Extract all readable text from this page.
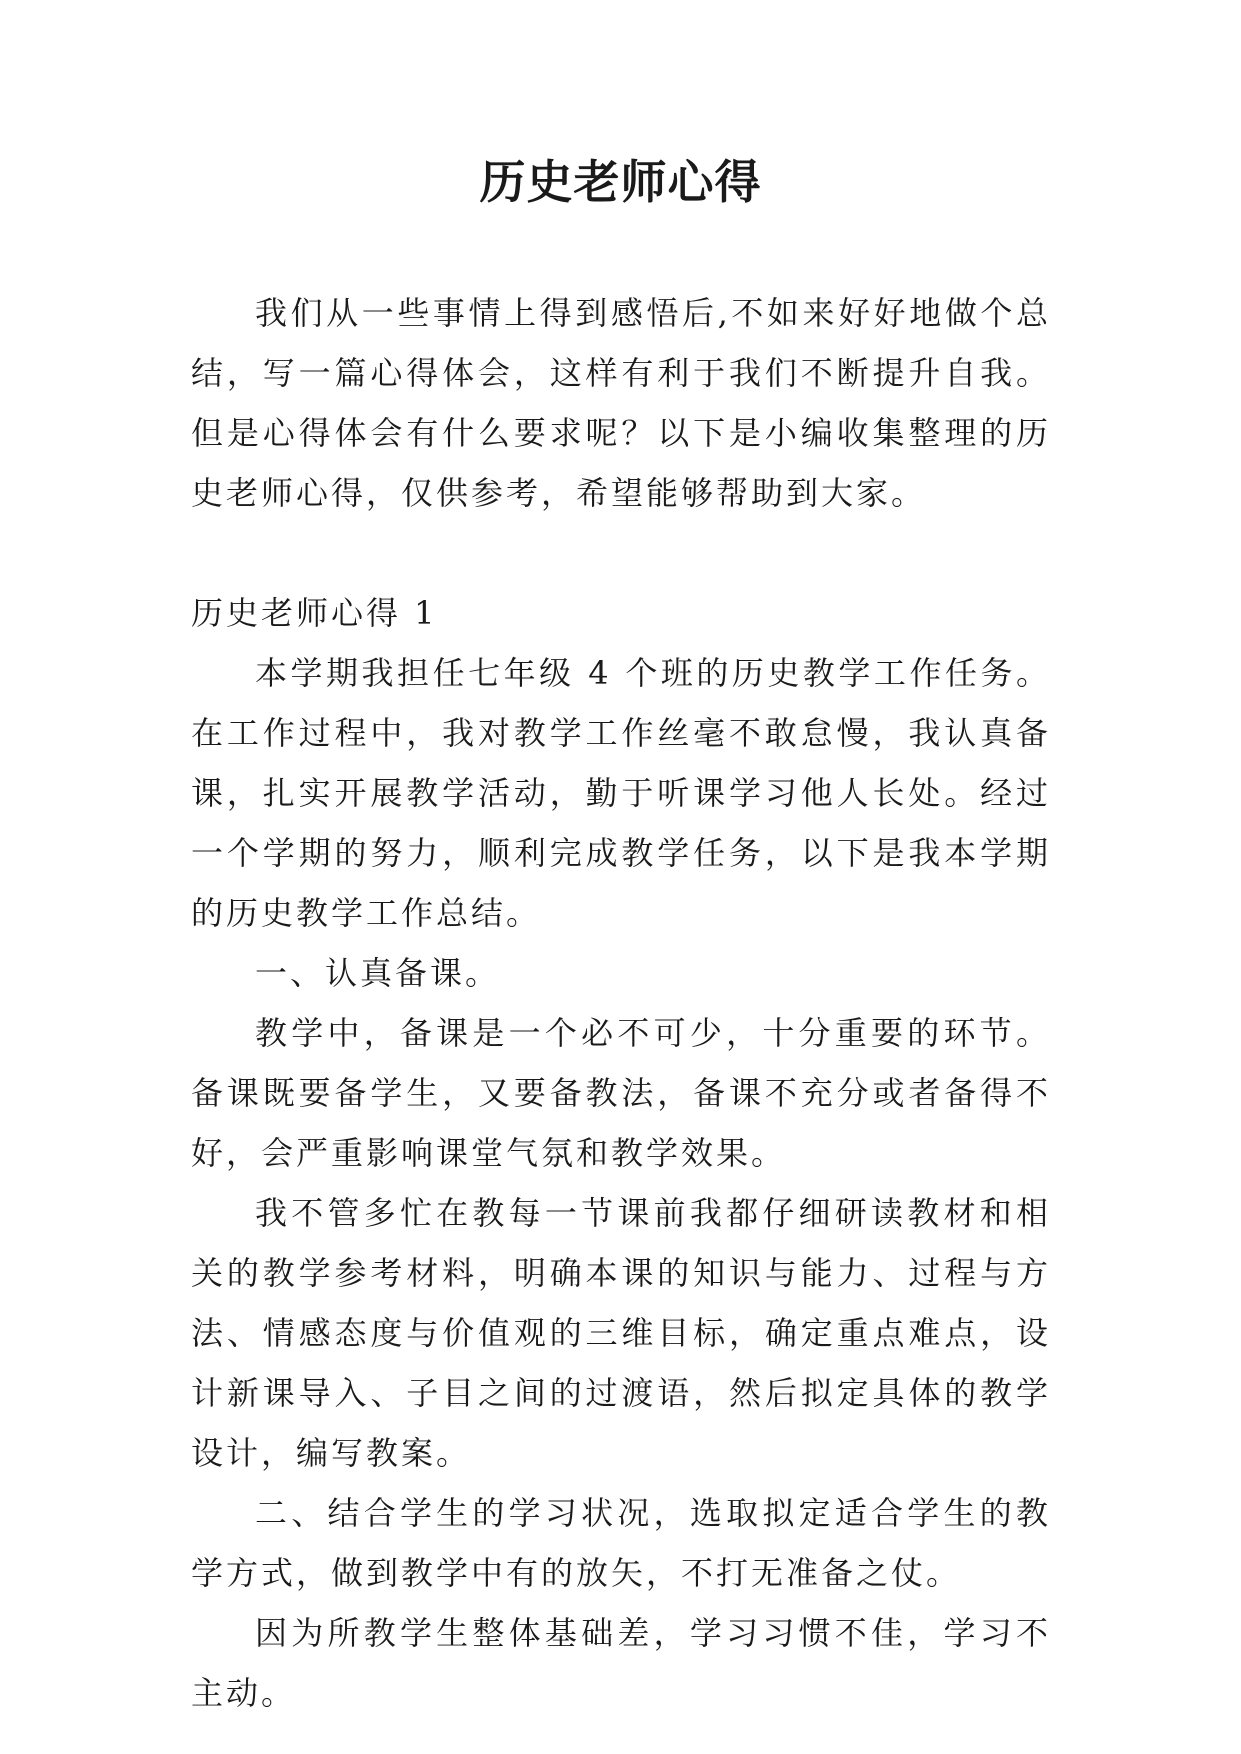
历史老师心得

我们从一些事情上得到感悟后,不如来好好地做个总结，写一篇心得体会，这样有利于我们不断提升自我。但是心得体会有什么要求呢？以下是小编收集整理的历史老师心得，仅供参考，希望能够帮助到大家。

历史老师心得 1

本学期我担任七年级 4 个班的历史教学工作任务。在工作过程中，我对教学工作丝毫不敢怠慢，我认真备课，扎实开展教学活动，勤于听课学习他人长处。经过一个学期的努力，顺利完成教学任务，以下是我本学期的历史教学工作总结。

一、认真备课。

教学中，备课是一个必不可少，十分重要的环节。备课既要备学生，又要备教法，备课不充分或者备得不好，会严重影响课堂气氛和教学效果。

我不管多忙在教每一节课前我都仔细研读教材和相关的教学参考材料，明确本课的知识与能力、过程与方法、情感态度与价值观的三维目标，确定重点难点，设计新课导入、子目之间的过渡语，然后拟定具体的教学设计，编写教案。

二、结合学生的学习状况，选取拟定适合学生的教学方式，做到教学中有的放矢，不打无准备之仗。

因为所教学生整体基础差，学习习惯不佳，学习不主动。
